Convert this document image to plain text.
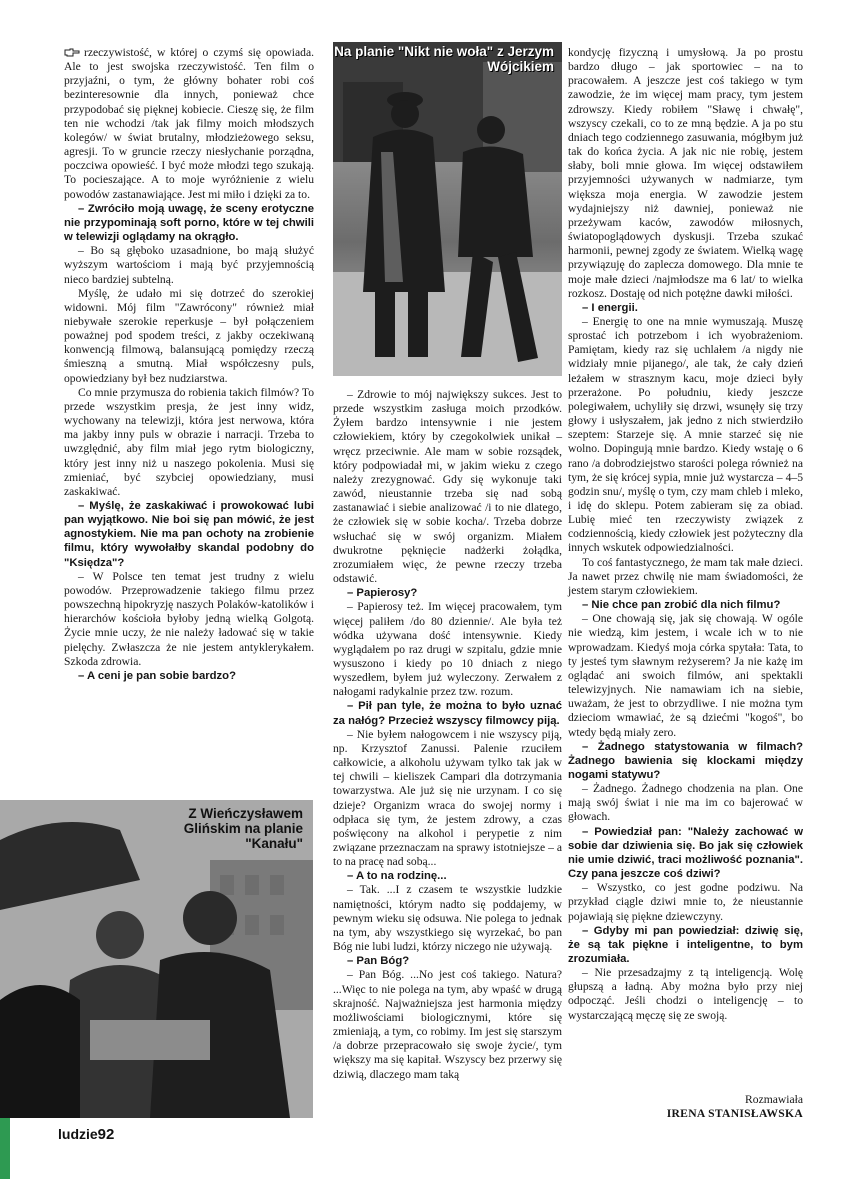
rzeczywistość, w której o czymś się opowiada. Ale to jest swojska rzeczywistość. Ten film o przyjaźni, o tym, że główny bohater robi coś bezinteresownie dla innych, ponieważ chce przypodobać się pięknej kobiecie. Cieszę się, że film ten nie wchodzi /tak jak filmy moich młodszych kolegów/ w świat brutalny, młodzieżowego seksu, agresji. To w gruncie rzeczy niesłychanie porządna, poczciwa opowieść. I być może młodzi tego szukają. To pocieszające. A to moje wyróżnienie z wielu powodów zastanawiające. Jest mi miło i dzięki za to.

– Zwróciło moją uwagę, że sceny erotyczne nie przypominają soft porno, które w tej chwili w telewizji oglądamy na okrągło.

– Bo są głęboko uzasadnione, bo mają służyć wyższym wartościom i mają być przyjemnością nieco bardziej subtelną.

Myślę, że udało mi się dotrzeć do szerokiej widowni. Mój film "Zawrócony" również miał niebywałe szerokie reperkusje – był połączeniem poważnej pod spodem treści, z jakby oczekiwaną konwencją filmową, balansującą pomiędzy rzeczą śmieszną a smutną. Miał współczesny puls, opowiedziany był bez nudziarstwa.

Co mnie przymusza do robienia takich filmów? To przede wszystkim presja, że jest inny widz, wychowany na telewizji, która jest nerwowa, która ma jakby inny puls w obrazie i narracji. Trzeba to uwzględnić, aby film miał jego rytm biologiczny, który jest inny niż u naszego pokolenia. Musi się zmieniać, być szybciej opowiedziany, musi zaskakiwać.

– Myślę, że zaskakiwać i prowokować lubi pan wyjątkowo. Nie boi się pan mówić, że jest agnostykiem. Nie ma pan ochoty na zrobienie filmu, który wywołałby skandal podobny do "Księdza"?

– W Polsce ten temat jest trudny z wielu powodów. Przeprowadzenie takiego filmu przez powszechną hipokryzję naszych Polaków-katolików i hierarchów kościoła byłoby jedną wielką Golgotą. Życie mnie uczy, że nie należy ładować się w takie pielęchy. Zwłaszcza że nie jestem antyklerykałem. Szkoda zdrowia.

– A ceni je pan sobie bardzo?

Na planie "Nikt nie woła" z Jerzym Wójcikiem

– Zdrowie to mój największy sukces. Jest to przede wszystkim zasługa moich przodków. Żyłem bardzo intensywnie i nie jestem człowiekiem, który by czegokolwiek unikał – wręcz przeciwnie. Ale mam w sobie rozsądek, który podpowiadał mi, w jakim wieku z czego należy zrezygnować. Gdy się wykonuje taki zawód, nieustannie trzeba się nad sobą zastanawiać i siebie analizować /i to nie dlatego, że człowiek się w sobie kocha/. Trzeba dobrze wsłuchać się w swój organizm. Miałem dwukrotne pęknięcie nadżerki żołądka, zrozumiałem więc, że pewne rzeczy trzeba odstawić.

– Papierosy?

– Papierosy też. Im więcej pracowałem, tym więcej paliłem /do 80 dziennie/. Ale była też wódka używana dość intensywnie. Kiedy wyglądałem po raz drugi w szpitalu, gdzie mnie wysuszono i kiedy po 10 dniach z niego wyszedłem, byłem już wyleczony. Zerwałem z nałogami radykalnie przez tzw. rozum.

– Pił pan tyle, że można to było uznać za nałóg? Przecież wszyscy filmowcy piją.

– Nie byłem nałogowcem i nie wszyscy piją, np. Krzysztof Zanussi. Palenie rzuciłem całkowicie, a alkoholu używam tylko tak jak w tej chwili – kieliszek Campari dla dotrzymania towarzystwa. Ale już się nie urzynam. I co się dzieje? Organizm wraca do swojej normy i odpłaca się tym, że jestem zdrowy, a czas poświęcony na alkohol i perypetie z nim związane przeznaczam na sprawy istotniejsze – a to na pracę nad sobą...

– A to na rodzinę...

– Tak. ...I z czasem te wszystkie ludzkie namiętności, którym nadto się poddajemy, w pewnym wieku się odsuwa. Nie polega to jednak na tym, aby wszystkiego się wyrzekać, bo pan Bóg nie lubi ludzi, którzy niczego nie używają.

– Pan Bóg?

– Pan Bóg. ...No jest coś takiego. Natura? ...Więc to nie polega na tym, aby wpaść w drugą skrajność. Najważniejsza jest harmonia między możliwościami biologicznymi, które się zmieniają, a tym, co robimy. Im jest się starszym /a dobrze przepracowało się swoje życie/, tym większy ma się kapitał. Wszyscy bez przerwy się dziwią, dlaczego mam taką

kondycję fizyczną i umysłową. Ja po prostu bardzo długo – jak sportowiec – na to pracowałem. A jeszcze jest coś takiego w tym zawodzie, że im więcej mam pracy, tym jestem zdrowszy. Kiedy robiłem "Sławę i chwałę", wszyscy czekali, co to ze mną będzie. A ja po stu dniach tego codziennego zasuwania, mógłbym już tak do końca życia. A jak nic nie robię, jestem słaby, boli mnie głowa. Im więcej odstawiłem przyjemności używanych w nadmiarze, tym większa moja energia. W zawodzie jestem wydajniejszy niż dawniej, ponieważ nie przeżywam kaców, zawodów miłosnych, światopoglądowych dyskusji. Trzeba szukać harmonii, pewnej zgody ze światem. Wielką wagę przywiązuję do zaplecza domowego. Dla mnie te moje małe dzieci /najmłodsze ma 6 lat/ to wielka rozkosz. Dostaję od nich potężne dawki miłości.

– I energii.

– Energię to one na mnie wymuszają. Muszę sprostać ich potrzebom i ich wyobrażeniom. Pamiętam, kiedy raz się uchlałem /a nigdy nie widziały mnie pijanego/, ale tak, że cały dzień leżałem w strasznym kacu, moje dzieci były przerażone. Po południu, kiedy jeszcze polegiwałem, uchyliły się drzwi, wsunęły się trzy głowy i usłyszałem, jak jedno z nich stwierdziło szeptem: Starzeje się. A mnie starzeć się nie wolno. Dopingują mnie bardzo. Kiedy wstaję o 6 rano /a dobrodziejstwo starości polega również na tym, że się krócej sypia, mnie już wystarcza – 4–5 godzin snu/, myślę o tym, czy mam chleb i mleko, i idę do sklepu. Potem zabieram się za obiad. Lubię mieć ten rzeczywisty związek z codziennością, kiedy człowiek jest pożyteczny dla innych wskutek odpowiedzialności.

To coś fantastycznego, że mam tak małe dzieci. Ja nawet przez chwilę nie mam świadomości, że jestem starym człowiekiem.

– Nie chce pan zrobić dla nich filmu?

– One chowają się, jak się chowają. W ogóle nie wiedzą, kim jestem, i wcale ich w to nie wprowadzam. Kiedyś moja córka spytała: Tata, to ty jesteś tym sławnym reżyserem? Ja nie każę im oglądać ani swoich filmów, ani spektakli telewizyjnych. Nie namawiam ich na siebie, uważam, że jest to obrzydliwe. I nie można tym dzieciom wmawiać, że są dziećmi "kogoś", bo wtedy będą miały zero.

– Żadnego statystowania w filmach? Żadnego bawienia się klockami między nogami statywu?

– Żadnego. Żadnego chodzenia na plan. One mają swój świat i nie ma im co bajerować w głowach.

– Powiedział pan: "Należy zachować w sobie dar dziwienia się. Bo jak się człowiek nie umie dziwić, traci możliwość poznania". Czy pana jeszcze coś dziwi?

– Wszystko, co jest godne podziwu. Na przykład ciągle dziwi mnie to, że nieustannie pojawiają się piękne dziewczyny.

– Gdyby mi pan powiedział: dziwię się, że są tak piękne i inteligentne, to bym zrozumiała.

– Nie przesadzajmy z tą inteligencją. Wolę głupszą a ładną. Aby można było przy niej odpocząć. Jeśli chodzi o inteligencję – to wystarczającą męczę się ze swoją.

Z Wieńczysławem Glińskim na planie "Kanału"
Rozmawiała
IRENA STANISŁAWSKA
ludzie92
